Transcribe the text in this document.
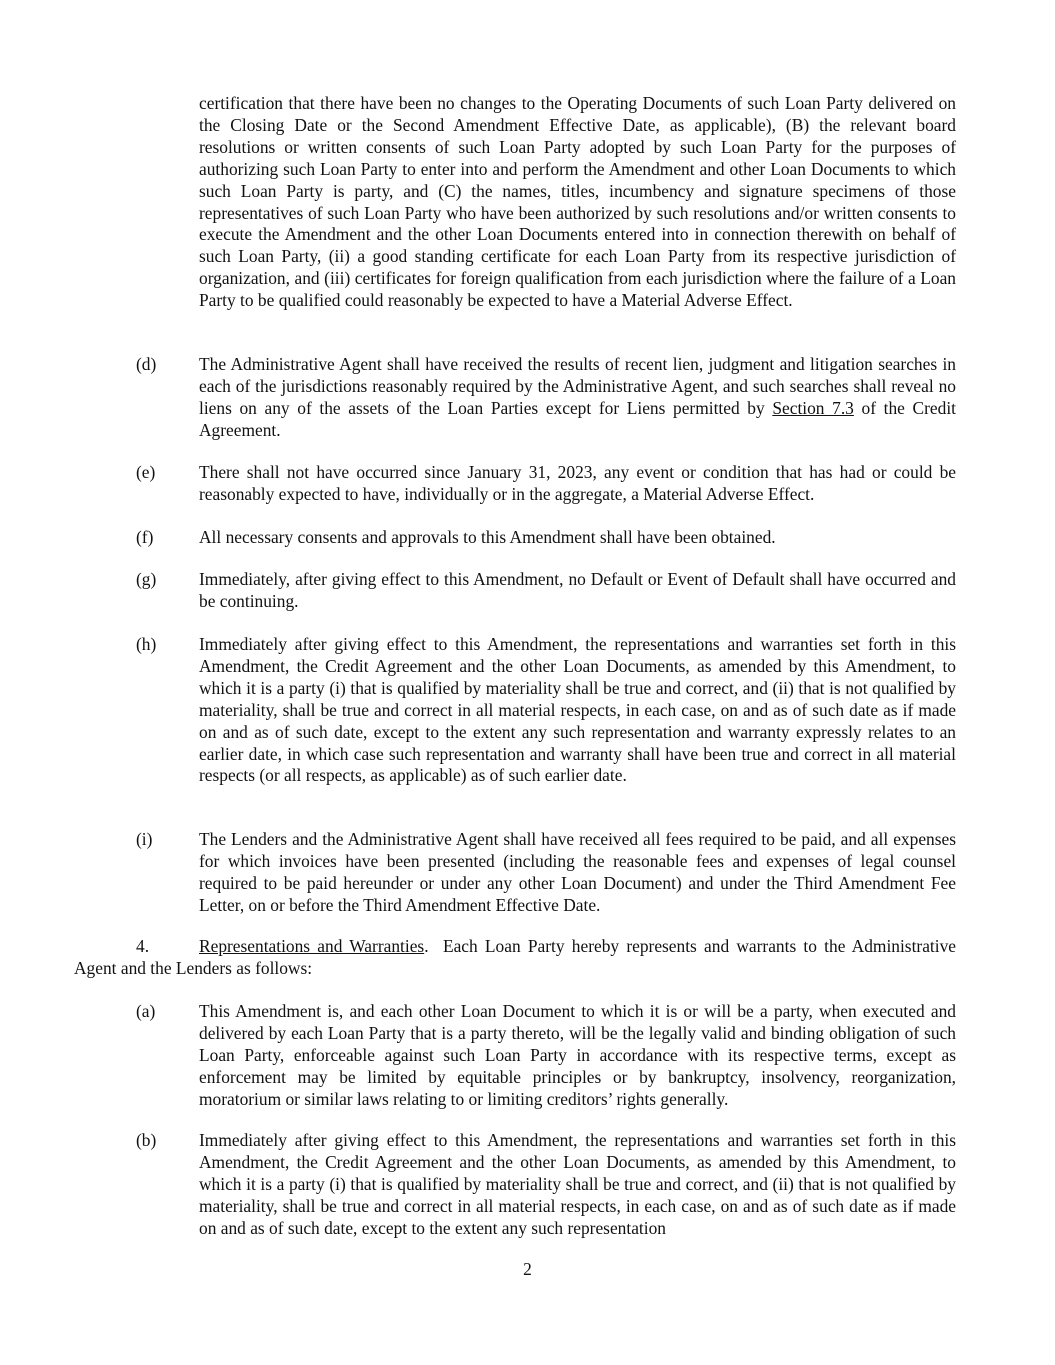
certification that there have been no changes to the Operating Documents of such Loan Party delivered on the Closing Date or the Second Amendment Effective Date, as applicable), (B) the relevant board resolutions or written consents of such Loan Party adopted by such Loan Party for the purposes of authorizing such Loan Party to enter into and perform the Amendment and other Loan Documents to which such Loan Party is party, and (C) the names, titles, incumbency and signature specimens of those representatives of such Loan Party who have been authorized by such resolutions and/or written consents to execute the Amendment and the other Loan Documents entered into in connection therewith on behalf of such Loan Party, (ii) a good standing certificate for each Loan Party from its respective jurisdiction of organization, and (iii) certificates for foreign qualification from each jurisdiction where the failure of a Loan Party to be qualified could reasonably be expected to have a Material Adverse Effect.
(d) The Administrative Agent shall have received the results of recent lien, judgment and litigation searches in each of the jurisdictions reasonably required by the Administrative Agent, and such searches shall reveal no liens on any of the assets of the Loan Parties except for Liens permitted by Section 7.3 of the Credit Agreement.
(e)	There shall not have occurred since January 31, 2023, any event or condition that has had or could be reasonably expected to have, individually or in the aggregate, a Material Adverse Effect.
(f)	All necessary consents and approvals to this Amendment shall have been obtained.
(g) Immediately, after giving effect to this Amendment, no Default or Event of Default shall have occurred and be continuing.
(h) Immediately after giving effect to this Amendment, the representations and warranties set forth in this Amendment, the Credit Agreement and the other Loan Documents, as amended by this Amendment, to which it is a party (i) that is qualified by materiality shall be true and correct, and (ii) that is not qualified by materiality, shall be true and correct in all material respects, in each case, on and as of such date as if made on and as of such date, except to the extent any such representation and warranty expressly relates to an earlier date, in which case such representation and warranty shall have been true and correct in all material respects (or all respects, as applicable) as of such earlier date.
(i)	The Lenders and the Administrative Agent shall have received all fees required to be paid, and all expenses for which invoices have been presented (including the reasonable fees and expenses of legal counsel required to be paid hereunder or under any other Loan Document) and under the Third Amendment Fee Letter, on or before the Third Amendment Effective Date.
4.	Representations and Warranties. Each Loan Party hereby represents and warrants to the Administrative Agent and the Lenders as follows:
(a)	This Amendment is, and each other Loan Document to which it is or will be a party, when executed and delivered by each Loan Party that is a party thereto, will be the legally valid and binding obligation of such Loan Party, enforceable against such Loan Party in accordance with its respective terms, except as enforcement may be limited by equitable principles or by bankruptcy, insolvency, reorganization, moratorium or similar laws relating to or limiting creditors’ rights generally.
(b) Immediately after giving effect to this Amendment, the representations and warranties set forth in this Amendment, the Credit Agreement and the other Loan Documents, as amended by this Amendment, to which it is a party (i) that is qualified by materiality shall be true and correct, and (ii) that is not qualified by materiality, shall be true and correct in all material respects, in each case, on and as of such date as if made on and as of such date, except to the extent any such representation
2
